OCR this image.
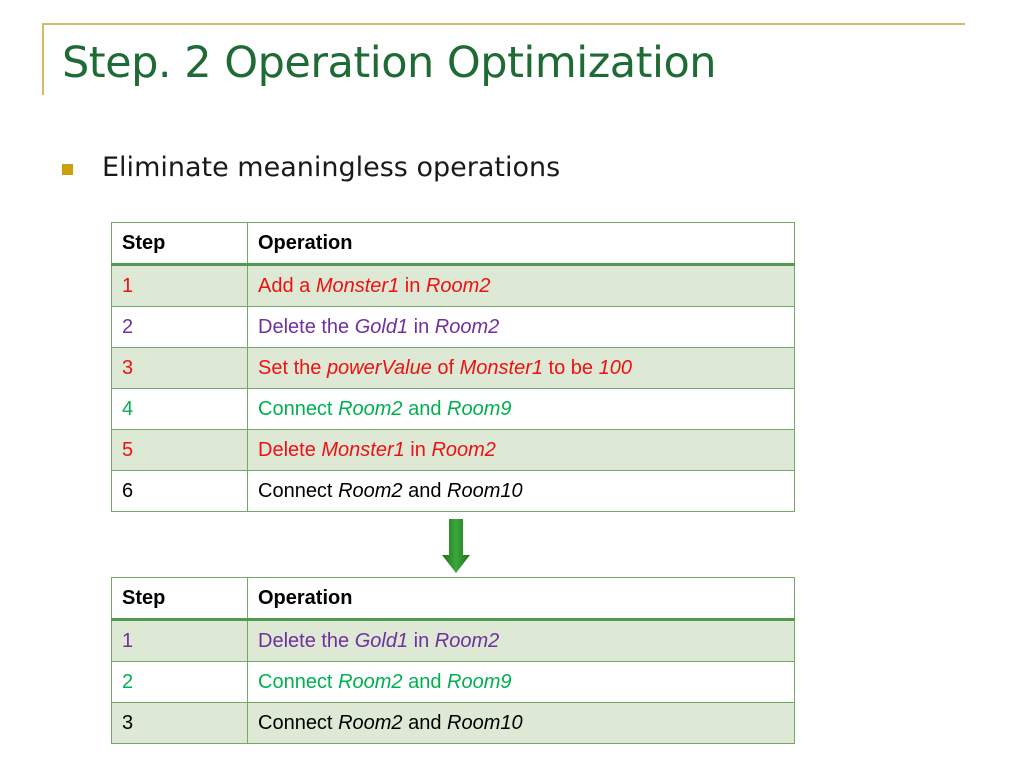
Step. 2 Operation Optimization
Eliminate meaningless operations
Step	Operation
1	Add a Monster1 in Room2
2	Delete the Gold1 in Room2
3	Set the powerValue of Monster1 to be 100
4	Connect Room2 and Room9
5	Delete Monster1 in Room2
6	Connect Room2 and Room10
Step	Operation
1	Delete the Gold1 in Room2
2	Connect Room2 and Room9
3	Connect Room2 and Room10
